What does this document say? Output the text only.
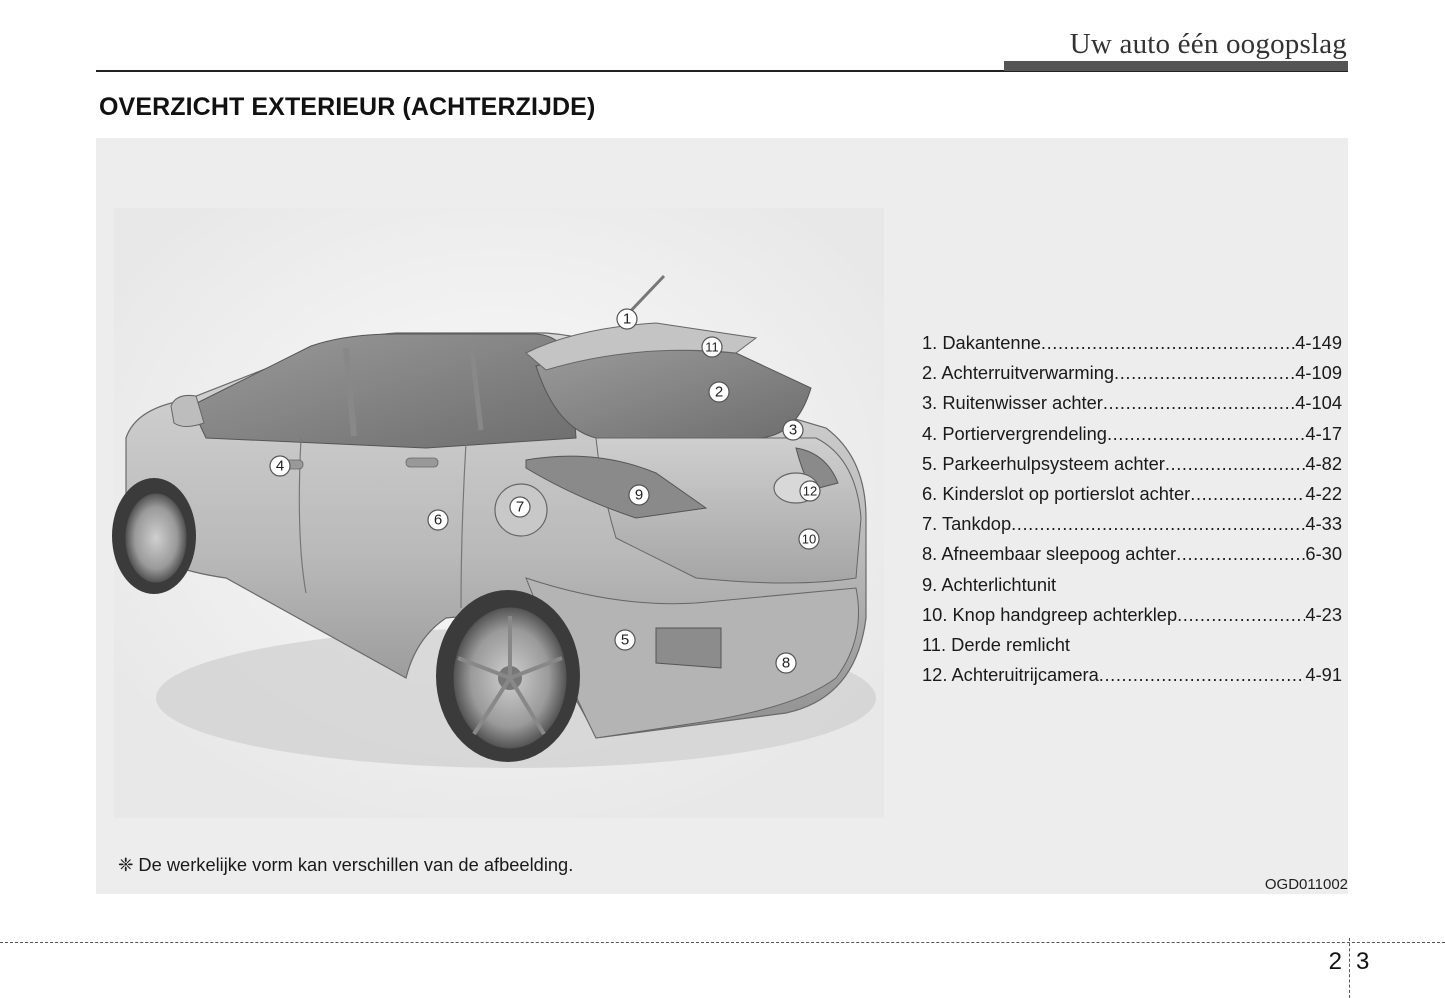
Uw auto één oogopslag
OVERZICHT EXTERIEUR (ACHTERZIJDE)
1
11
2
3
4
9	12
7
6
10
5
8
1. Dakantenne .....	4-149
2. Achterruitverwarming .....	4-109
3. Ruitenwisser achter .....	4-104
4. Portiervergrendeling .....	4-17
5. Parkeerhulpsysteem achter .....	4-82
6. Kinderslot op portierslot achter .....	4-22
7. Tankdop .....	4-33
8. Afneembaar sleepoog achter .....	6-30
9. Achterlichtunit
10. Knop handgreep achterklep .....	4-23
11. Derde remlicht
12. Achteruitrijcamera .....	4-91
❈ De werkelijke vorm kan verschillen van de afbeelding.
OGD011002
2 3
